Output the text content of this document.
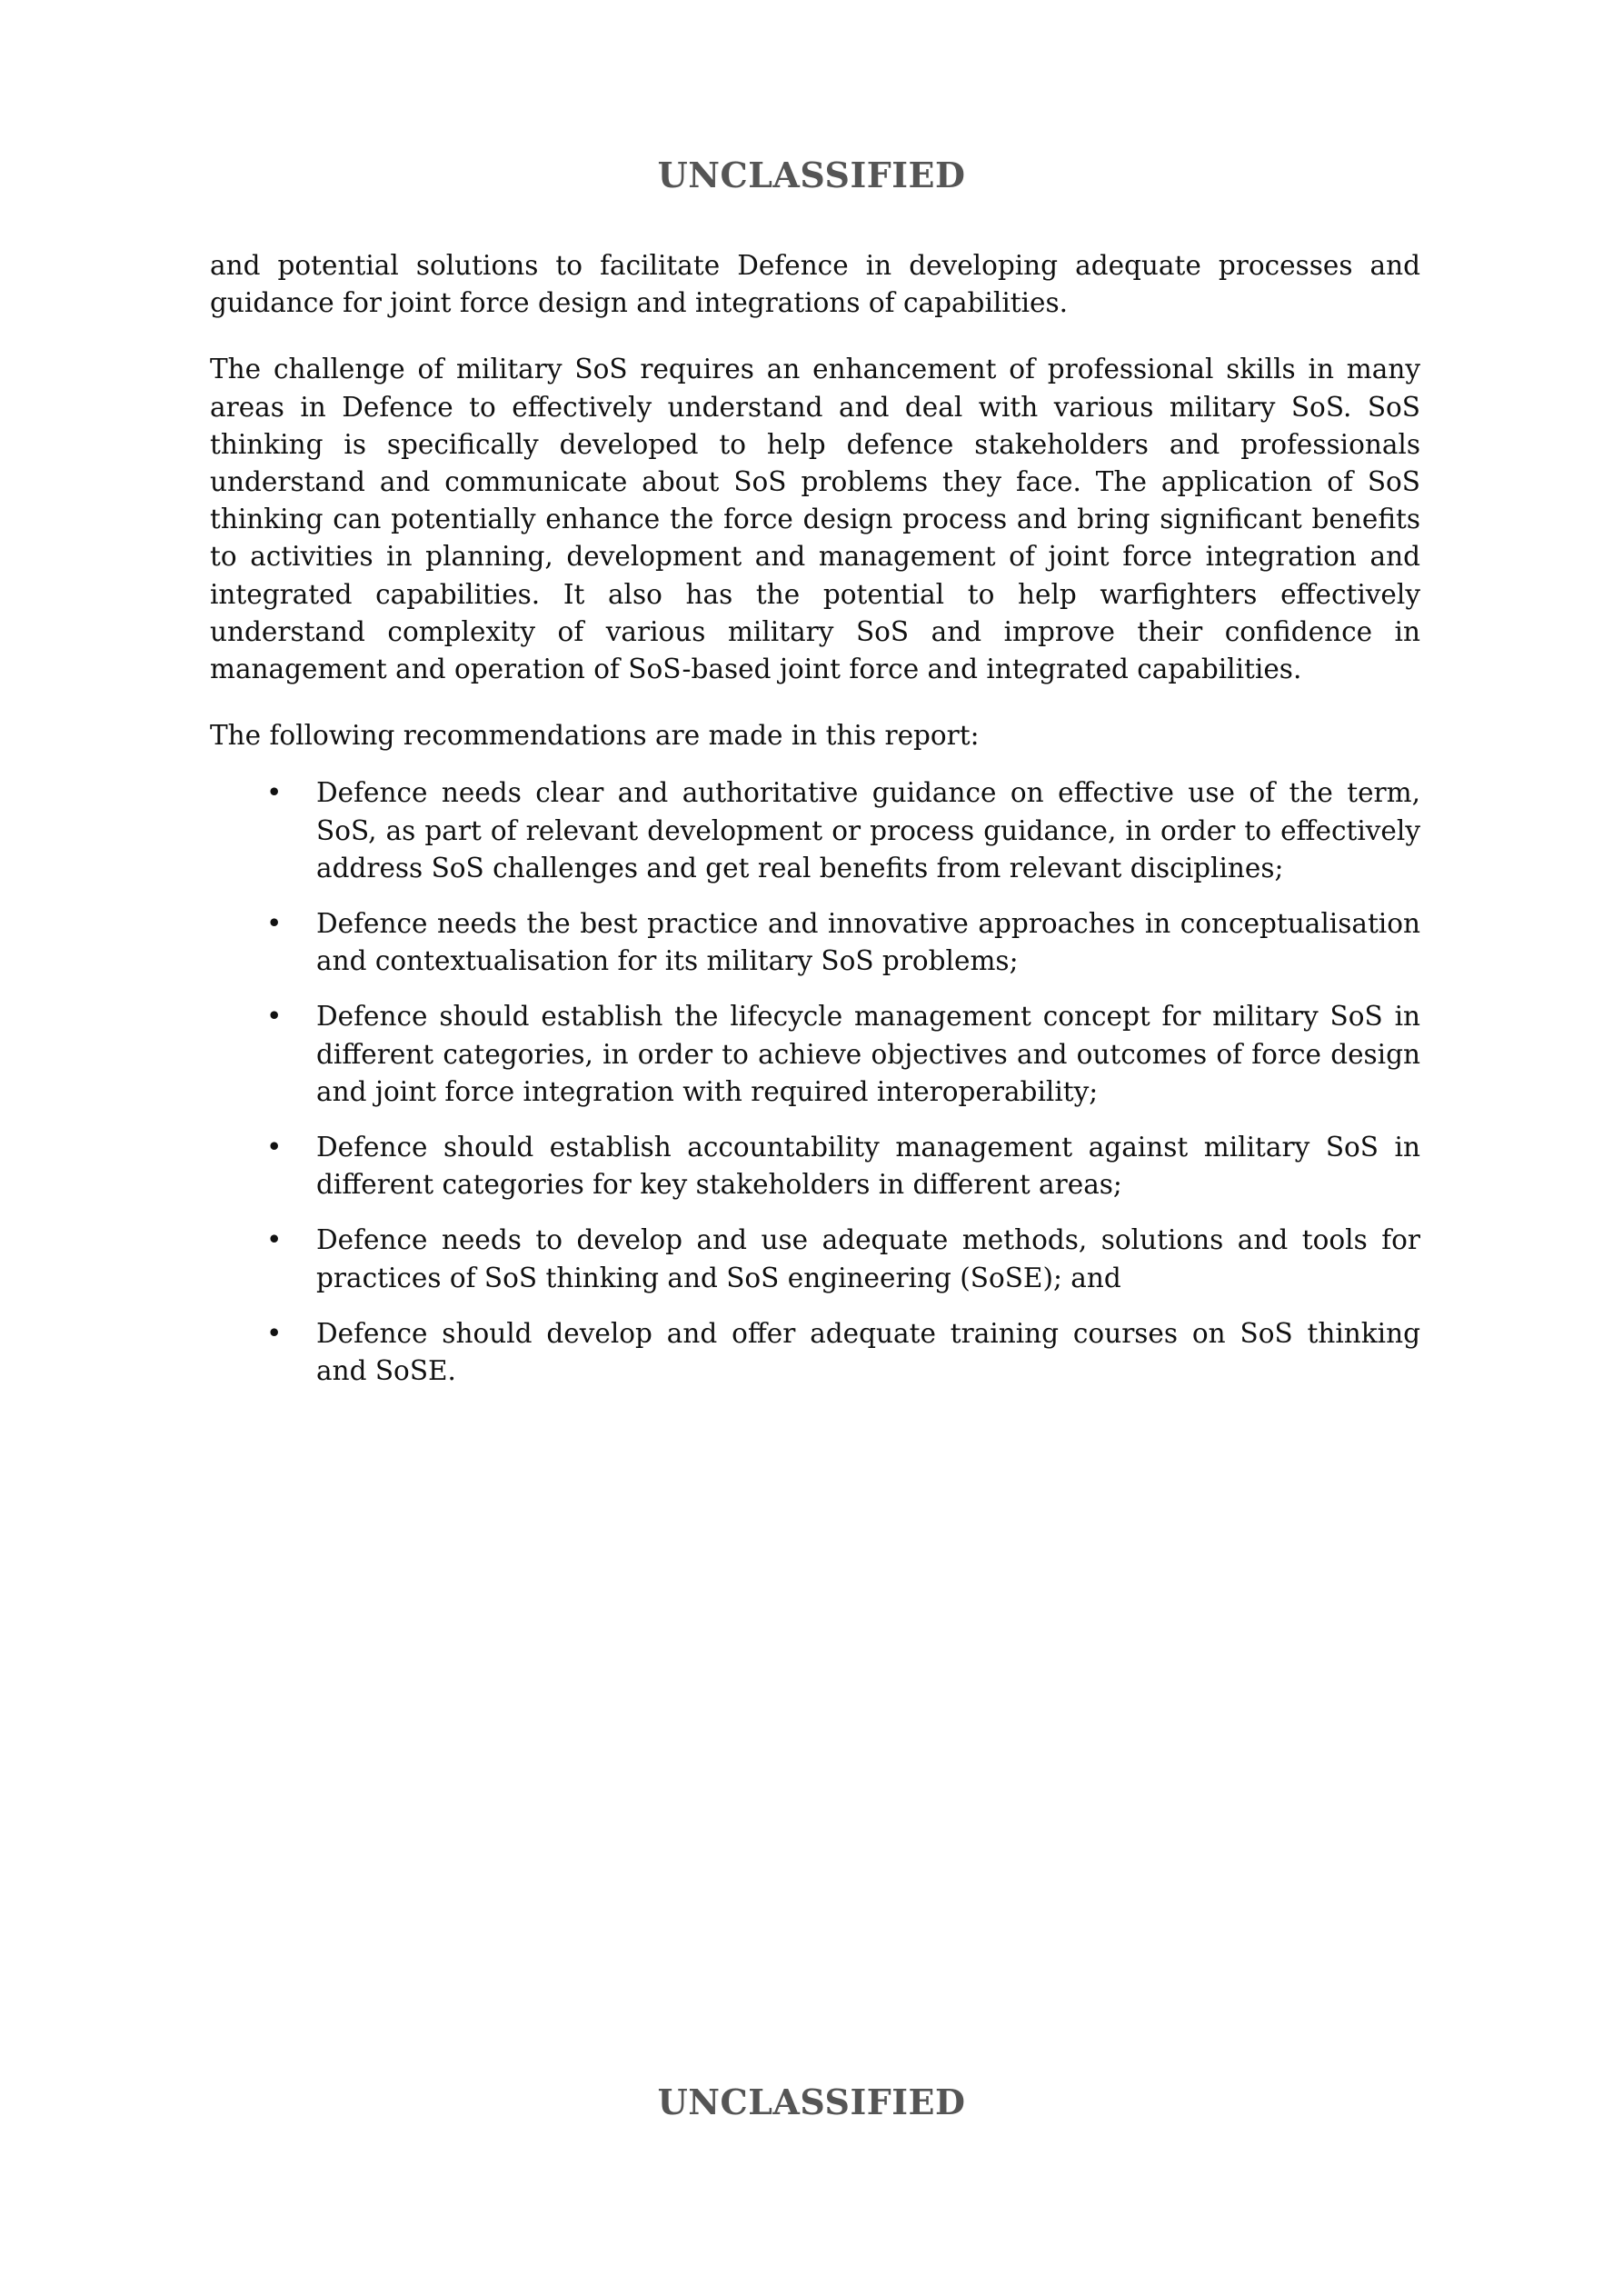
UNCLASSIFIED

and potential solutions to facilitate Defence in developing adequate processes and guidance for joint force design and integrations of capabilities.

The challenge of military SoS requires an enhancement of professional skills in many areas in Defence to effectively understand and deal with various military SoS. SoS thinking is specifically developed to help defence stakeholders and professionals understand and communicate about SoS problems they face. The application of SoS thinking can potentially enhance the force design process and bring significant benefits to activities in planning, development and management of joint force integration and integrated capabilities. It also has the potential to help warfighters effectively understand complexity of various military SoS and improve their confidence in management and operation of SoS-based joint force and integrated capabilities.

The following recommendations are made in this report:

• Defence needs clear and authoritative guidance on effective use of the term, SoS, as part of relevant development or process guidance, in order to effectively address SoS challenges and get real benefits from relevant disciplines;
• Defence needs the best practice and innovative approaches in conceptualisation and contextualisation for its military SoS problems;
• Defence should establish the lifecycle management concept for military SoS in different categories, in order to achieve objectives and outcomes of force design and joint force integration with required interoperability;
• Defence should establish accountability management against military SoS in different categories for key stakeholders in different areas;
• Defence needs to develop and use adequate methods, solutions and tools for practices of SoS thinking and SoS engineering (SoSE); and
• Defence should develop and offer adequate training courses on SoS thinking and SoSE.
UNCLASSIFIED
